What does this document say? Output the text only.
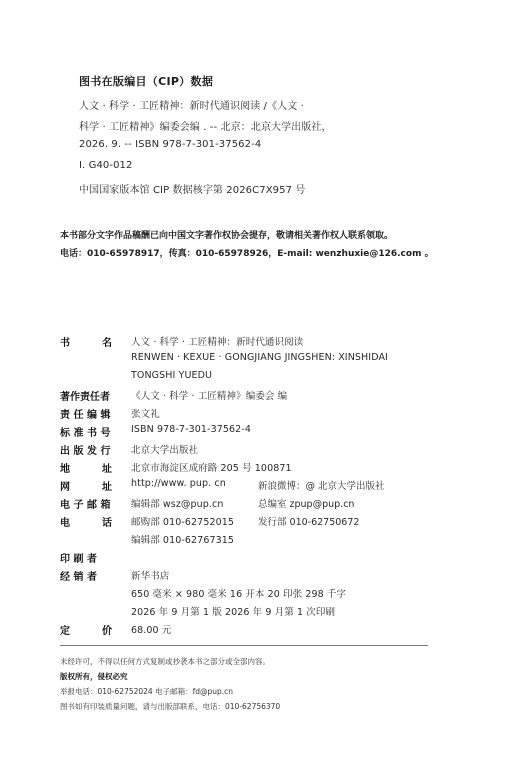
图书在版编目（CIP）数据
人文 · 科学 · 工匠精神：新时代通识阅读 /《人文 ·
科学 · 工匠精神》编委会编 . -- 北京：北京大学出版社，
2026. 9. -- ISBN 978-7-301-37562-4
Ⅰ. G40-012
中国国家版本馆 CIP 数据核字第 2026C7X957 号
本书部分文字作品稿酬已向中国文字著作权协会提存，敬请相关著作权人联系领取。
电话：010-65978917，传真：010-65978926，E-mail: wenzhuxie@126.com 。
书	名 人文 · 科学 · 工匠精神：新时代通识阅读
RENWEN · KEXUE · GONGJIANG JINGSHEN: XINSHIDAI
TONGSHI YUEDU
著作责任者 《人文 · 科学 · 工匠精神》编委会 编
责 任 编 辑 张文礼
标 准 书 号 ISBN 978-7-301-37562-4
出 版 发 行 北京大学出版社
地	址 北京市海淀区成府路 205 号 100871
网	址 http://www. pup. cn	新浪微博：@ 北京大学出版社
电 子 邮 箱 编辑部 wsz@pup.cn	总编室 zpup@pup.cn
电	话 邮购部 010-62752015	发行部 010-62750672
编辑部 010-62767315
印 刷 者
经 销 者	新华书店
650 毫米 × 980 毫米 16 开本 20 印张 298 千字
2026 年 9 月第 1 版 2026 年 9 月第 1 次印刷
定	价 68.00 元
未经许可，不得以任何方式复制或抄袭本书之部分或全部内容。
版权所有，侵权必究
举报电话：010-62752024 电子邮箱：fd@pup.cn
图书如有印装质量问题，请与出版部联系，电话：010-62756370
